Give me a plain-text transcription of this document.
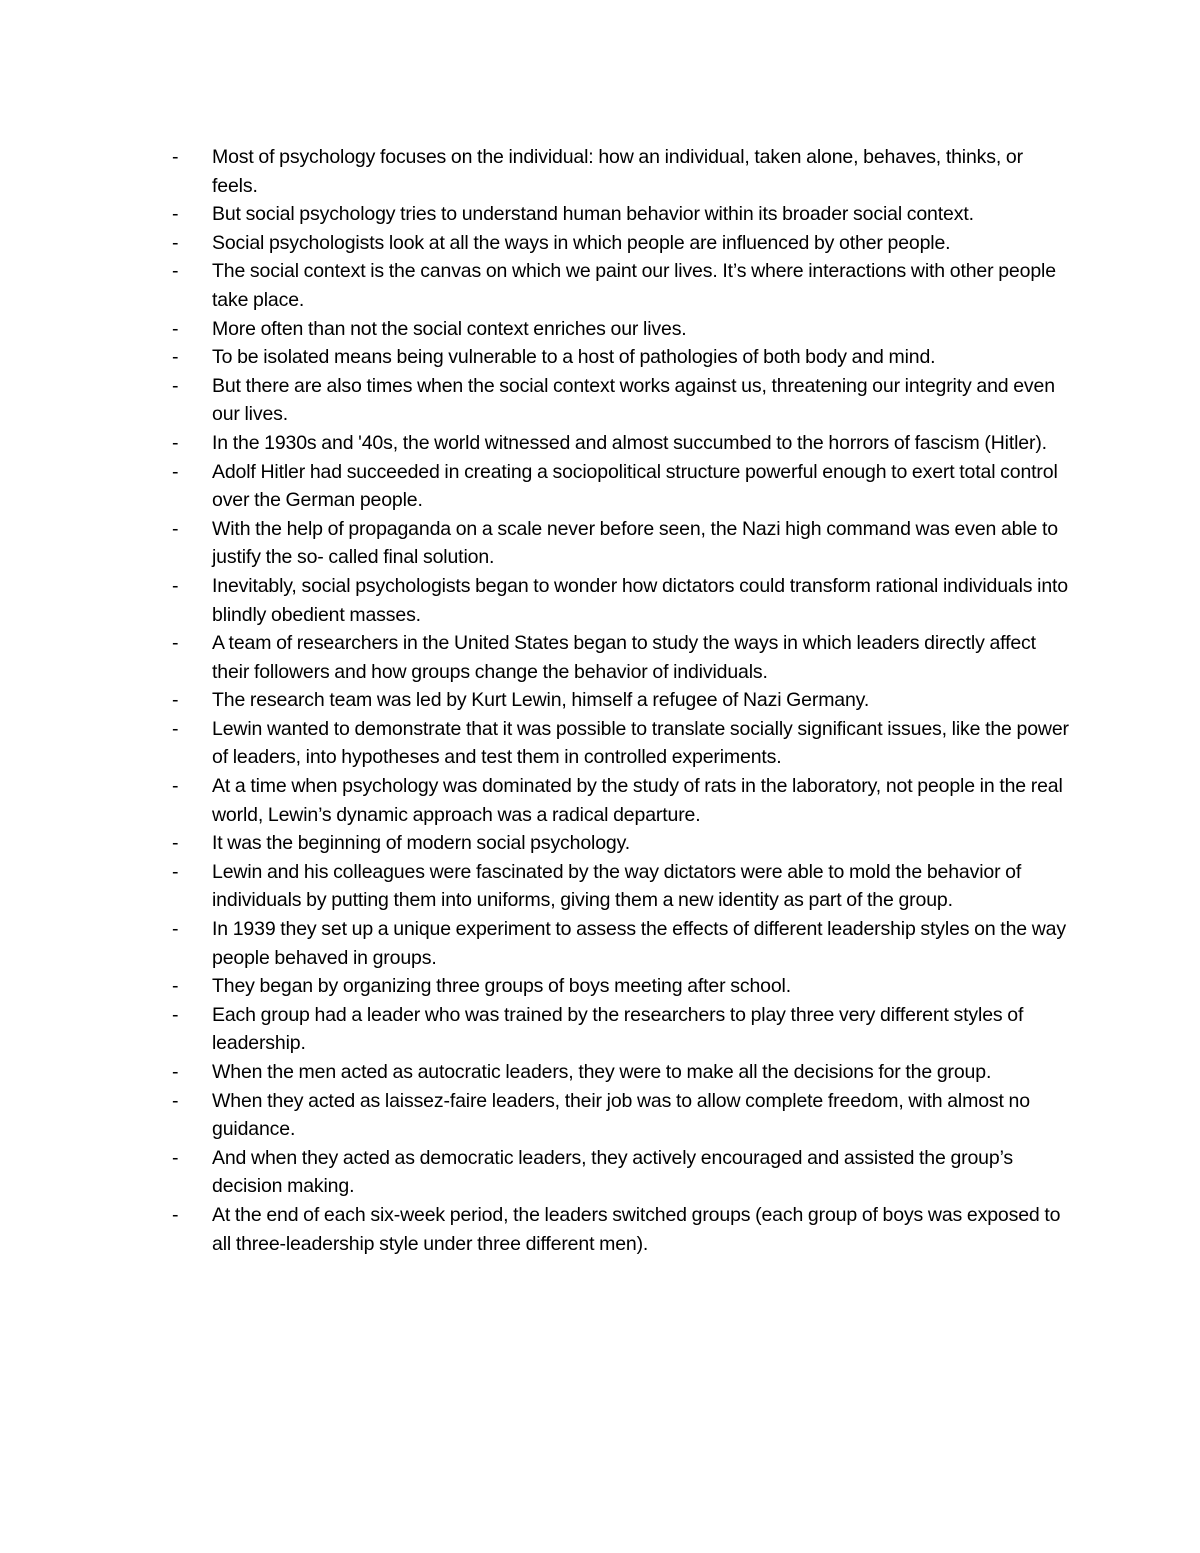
-	Most of psychology focuses on the individual: how an individual, taken alone, behaves, thinks, or feels.
-	But social psychology tries to understand human behavior within its broader social context.
-	Social psychologists look at all the ways in which people are influenced by other people.
-	The social context is the canvas on which we paint our lives. It’s where interactions with other people take place.
-	More often than not the social context enriches our lives.
-	To be isolated means being vulnerable to a host of pathologies of both body and mind.
-	But there are also times when the social context works against us, threatening our integrity and even our lives.
-	In the 1930s and '40s, the world witnessed and almost succumbed to the horrors of fascism (Hitler).
-	Adolf Hitler had succeeded in creating a sociopolitical structure powerful enough to exert total control over the German people.
-	With the help of propaganda on a scale never before seen, the Nazi high command was even able to justify the so- called final solution.
-	Inevitably, social psychologists began to wonder how dictators could transform rational individuals into blindly obedient masses.
-	A team of researchers in the United States began to study the ways in which leaders directly affect their followers and how groups change the behavior of individuals.
-	The research team was led by Kurt Lewin, himself a refugee of Nazi Germany.
-	Lewin wanted to demonstrate that it was possible to translate socially significant issues, like the power of leaders, into hypotheses and test them in controlled experiments.
-	At a time when psychology was dominated by the study of rats in the laboratory, not people in the real world, Lewin’s dynamic approach was a radical departure.
-	It was the beginning of modern social psychology.
-	Lewin and his colleagues were fascinated by the way dictators were able to mold the behavior of individuals by putting them into uniforms, giving them a new identity as part of the group.
-	In 1939 they set up a unique experiment to assess the effects of different leadership styles on the way people behaved in groups.
-	They began by organizing three groups of boys meeting after school.
-	Each group had a leader who was trained by the researchers to play three very different styles of leadership.
-	When the men acted as autocratic leaders, they were to make all the decisions for the group.
-	When they acted as laissez-faire leaders, their job was to allow complete freedom, with almost no guidance.
-	And when they acted as democratic leaders, they actively encouraged and assisted the group’s decision making.
-	At the end of each six-week period, the leaders switched groups (each group of boys was exposed to all three-leadership style under three different men).
